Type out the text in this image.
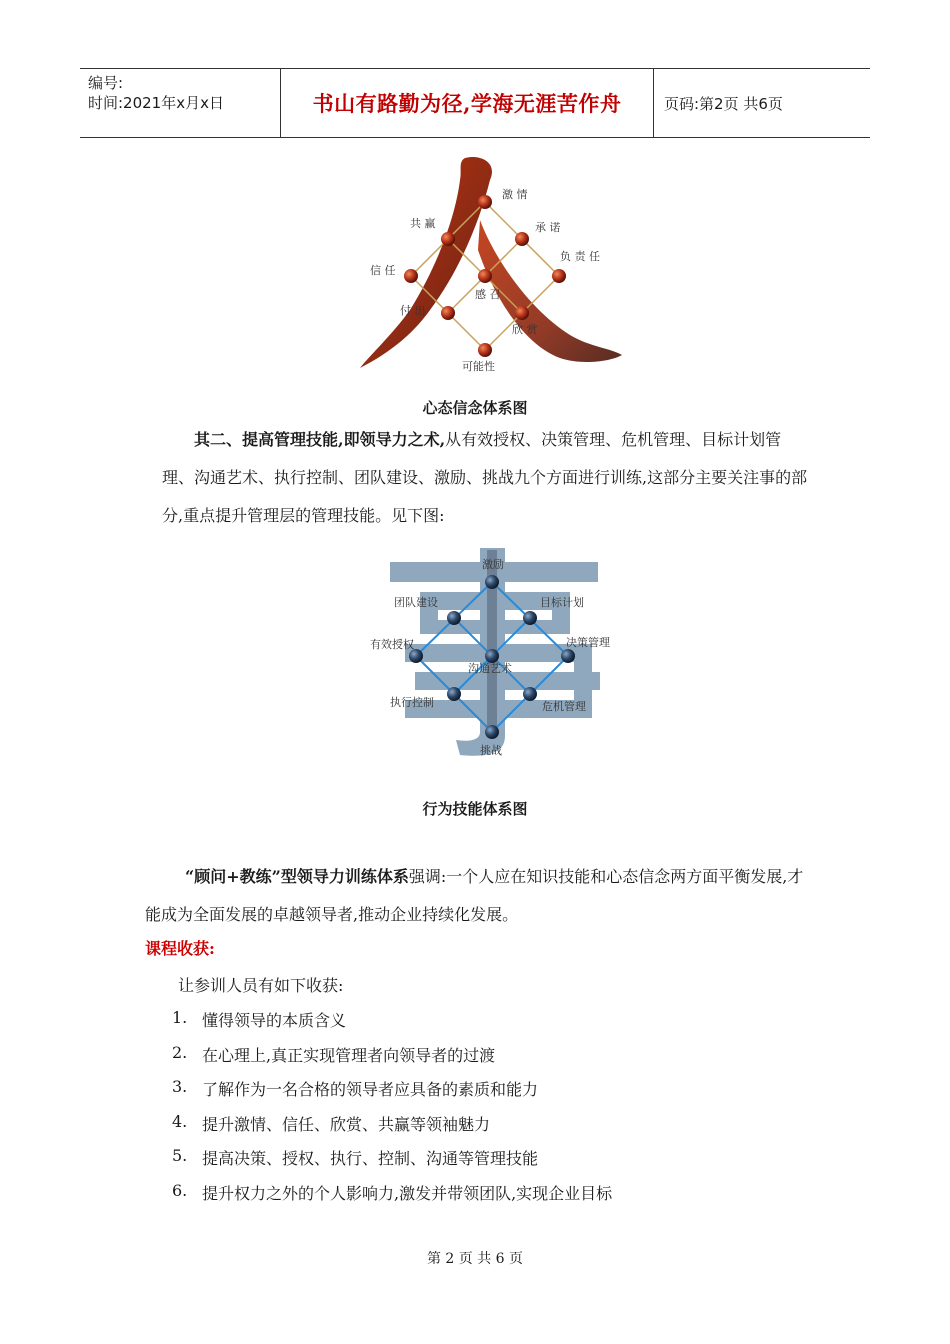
编号:
时间:2021年x月x日	书山有路勤为径,学海无涯苦作舟	页码:第2页 共6页
激 情
共 赢	承 诺
信 任
负 责 任
感 召
付 出
欣 赏
可能性
心态信念体系图
其二、提高管理技能,即领导力之术,从有效授权、决策管理、危机管理、目标计划管理、沟通艺术、执行控制、团队建设、激励、挑战九个方面进行训练,这部分主要关注事的部分,重点提升管理层的管理技能。见下图:
激励
团队建设	目标计划
有效授权	决策管理
沟通艺术
执行控制	危机管理
挑战
行为技能体系图
“顾问+教练”型领导力训练体系强调:一个人应在知识技能和心态信念两方面平衡发展,才能成为全面发展的卓越领导者,推动企业持续化发展。
课程收获:
让参训人员有如下收获:
1. 懂得领导的本质含义
2. 在心理上,真正实现管理者向领导者的过渡
3. 了解作为一名合格的领导者应具备的素质和能力
4. 提升激情、信任、欣赏、共赢等领袖魅力
5. 提高决策、授权、执行、控制、沟通等管理技能
6. 提升权力之外的个人影响力,激发并带领团队,实现企业目标
第 2 页 共 6 页
